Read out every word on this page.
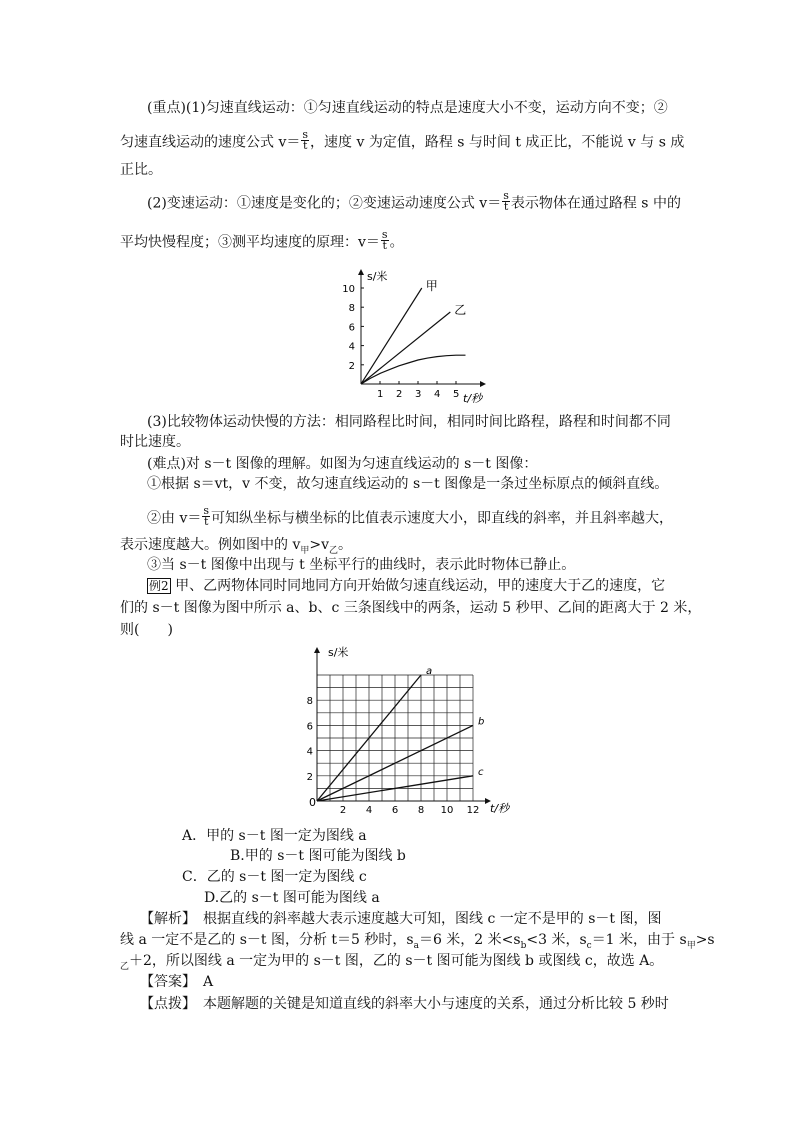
(重点)(1)匀速直线运动：①匀速直线运动的特点是速度大小不变，运动方向不变；②
匀速直线运动的速度公式 $v= \frac{s}{t}$ ，速度 v 为定值，路程 s 与时间 t 成正比，不能说 v 与 s 成
正比。
(2)变速运动：①速度是变化的；②变速运动速度公式 $v= \frac{s}{t}$ 表示物体在通过路程 s 中的
平均快慢程度；③测平均速度的原理：$v= \frac{s}{t}$ 。
s/米
t/秒
1 2 3 4 5
2
4
6
8
10	甲
乙
(3)比较物体运动快慢的方法：相同路程比时间，相同时间比路程，路程和时间都不同
时比速度。
(难点)对 s－t 图像的理解。如图为匀速直线运动的 s－t 图像：
①根据 s＝vt，v 不变，故匀速直线运动的 s－t 图像是一条过坐标原点的倾斜直线。
②由 $v= \frac{s}{t}$ 可知纵坐标与横坐标的比值表示速度大小，即直线的斜率，并且斜率越大，
表示速度越大。例如图中的 $v_甲>v_乙$。
③当 s－t 图像中出现与 t 坐标平行的曲线时，表示此时物体已静止。
例2 甲、乙两物体同时同地同方向开始做匀速直线运动，甲的速度大于乙的速度，它
们的 s－t 图像为图中所示 a、b、c 三条图线中的两条，运动 5 秒甲、乙间的距离大于 2 米，
则(　　)
s/米
t/秒
0
2 4 6 8 10 12
2
4
6
8
a
b
c
A．甲的 s－t 图一定为图线 a
B.甲的 s－t 图可能为图线 b
C．乙的 s－t 图一定为图线 c
D.乙的 s－t 图可能为图线 a
【解析】　根据直线的斜率越大表示速度越大可知，图线 c 一定不是甲的 s－t 图，图
线 a 一定不是乙的 s－t 图，分析 t＝5 秒时，$s_a=6$ 米，2 米$<s_b<3$ 米，$s_c=1$ 米，由于 $s_甲>s$
$_乙$＋2，所以图线 a 一定为甲的 s－t 图，乙的 s－t 图可能为图线 b 或图线 c，故选 A。
【答案】　A
【点拨】　本题解题的关键是知道直线的斜率大小与速度的关系，通过分析比较 5 秒时
